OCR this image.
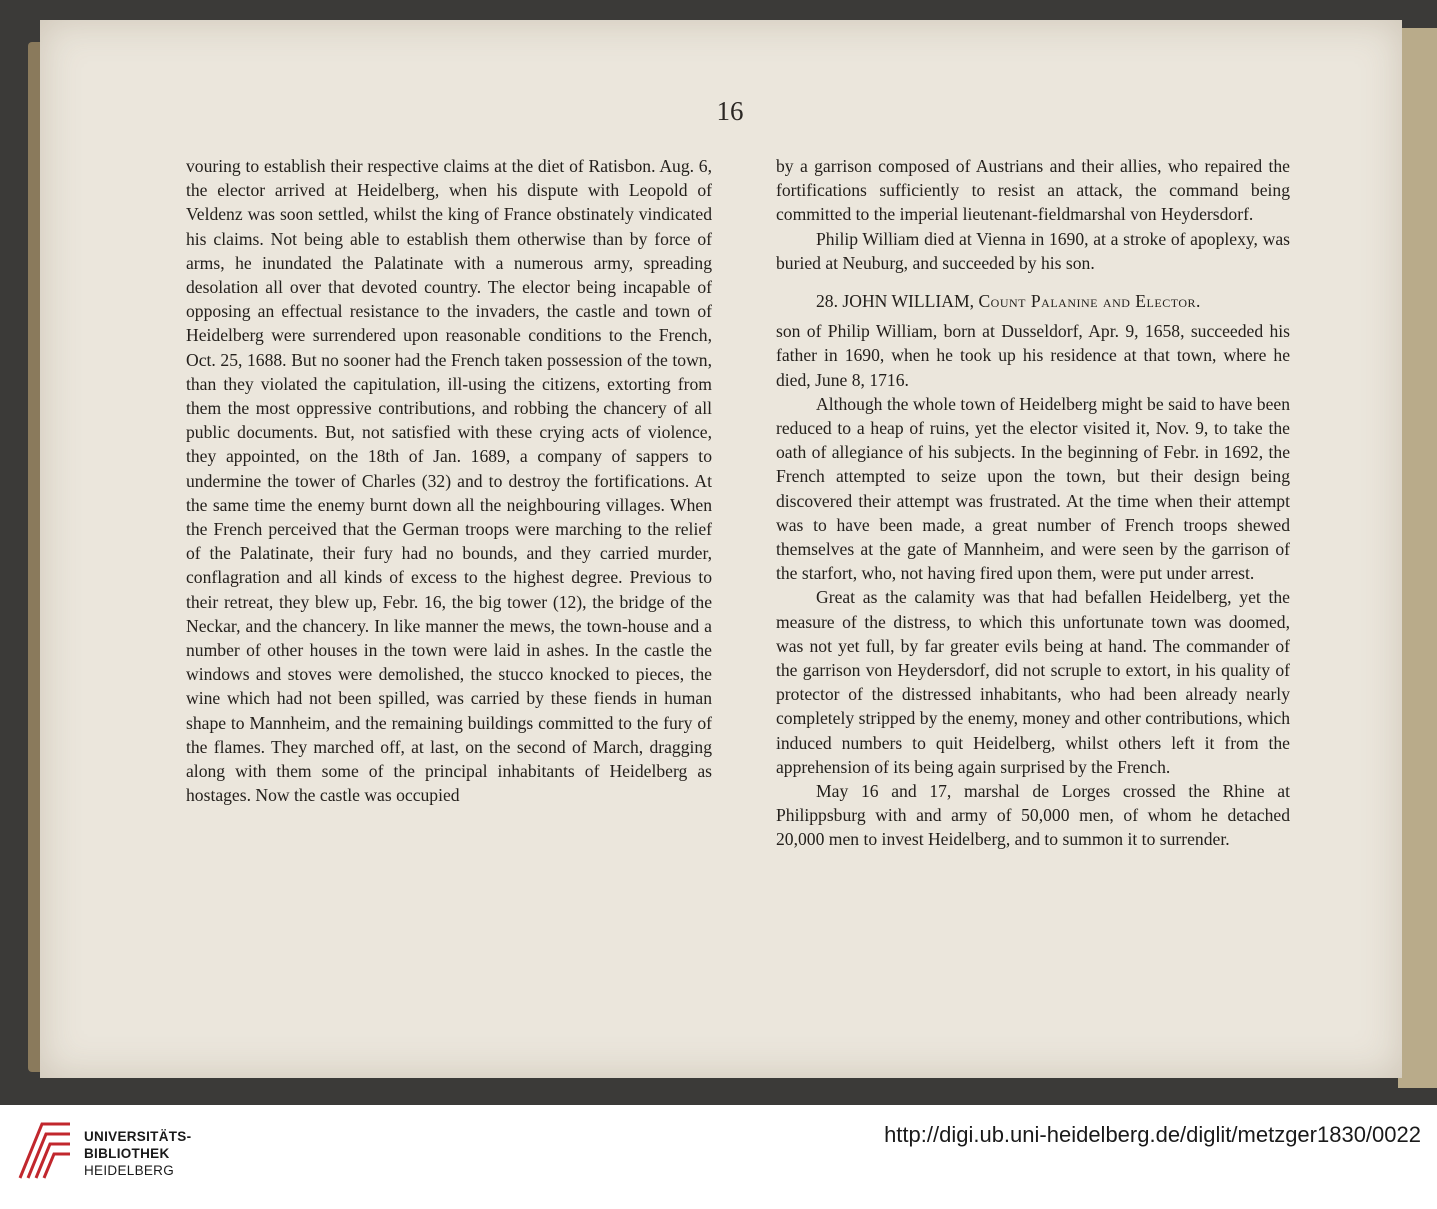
16

vouring to establish their respective claims at the diet of Ratisbon. Aug. 6, the elector arrived at Heidelberg, when his dispute with Leopold of Veldenz was soon settled, whilst the king of France obstinately vindicated his claims. Not being able to establish them otherwise than by force of arms, he inundated the Palatinate with a numerous army, spreading desolation all over that devoted country. The elector being incapable of opposing an effectual resistance to the invaders, the castle and town of Heidelberg were surrendered upon reasonable conditions to the French, Oct. 25, 1688. But no sooner had the French taken possession of the town, than they violated the capitulation, ill-using the citizens, extorting from them the most oppressive contributions, and robbing the chancery of all public documents. But, not satisfied with these crying acts of violence, they appointed, on the 18th of Jan. 1689, a company of sappers to undermine the tower of Charles (32) and to destroy the fortifications. At the same time the enemy burnt down all the neighbouring villages. When the French perceived that the German troops were marching to the relief of the Palatinate, their fury had no bounds, and they carried murder, conflagration and all kinds of excess to the highest degree. Previous to their retreat, they blew up, Febr. 16, the big tower (12), the bridge of the Neckar, and the chancery. In like manner the mews, the town-house and a number of other houses in the town were laid in ashes. In the castle the windows and stoves were demolished, the stucco knocked to pieces, the wine which had not been spilled, was carried by these fiends in human shape to Mannheim, and the remaining buildings committed to the fury of the flames. They marched off, at last, on the second of March, dragging along with them some of the principal inhabitants of Heidelberg as hostages. Now the castle was occupied

by a garrison composed of Austrians and their allies, who repaired the fortifications sufficiently to resist an attack, the command being committed to the imperial lieutenant-fieldmarshal von Heydersdorf.

Philip William died at Vienna in 1690, at a stroke of apoplexy, was buried at Neuburg, and succeeded by his son.

28. JOHN WILLIAM, Count Palanine and Elector.

son of Philip William, born at Dusseldorf, Apr. 9, 1658, succeeded his father in 1690, when he took up his residence at that town, where he died, June 8, 1716.

Although the whole town of Heidelberg might be said to have been reduced to a heap of ruins, yet the elector visited it, Nov. 9, to take the oath of allegiance of his subjects. In the beginning of Febr. in 1692, the French attempted to seize upon the town, but their design being discovered their attempt was frustrated. At the time when their attempt was to have been made, a great number of French troops shewed themselves at the gate of Mannheim, and were seen by the garrison of the starfort, who, not having fired upon them, were put under arrest.

Great as the calamity was that had befallen Heidelberg, yet the measure of the distress, to which this unfortunate town was doomed, was not yet full, by far greater evils being at hand. The commander of the garrison von Heydersdorf, did not scruple to extort, in his quality of protector of the distressed inhabitants, who had been already nearly completely stripped by the enemy, money and other contributions, which induced numbers to quit Heidelberg, whilst others left it from the apprehension of its being again surprised by the French.

May 16 and 17, marshal de Lorges crossed the Rhine at Philippsburg with and army of 50,000 men, of whom he detached 20,000 men to invest Heidelberg, and to summon it to surrender.

UNIVERSITÄTS-
BIBLIOTHEK
HEIDELBERG
http://digi.ub.uni-heidelberg.de/diglit/metzger1830/0022
